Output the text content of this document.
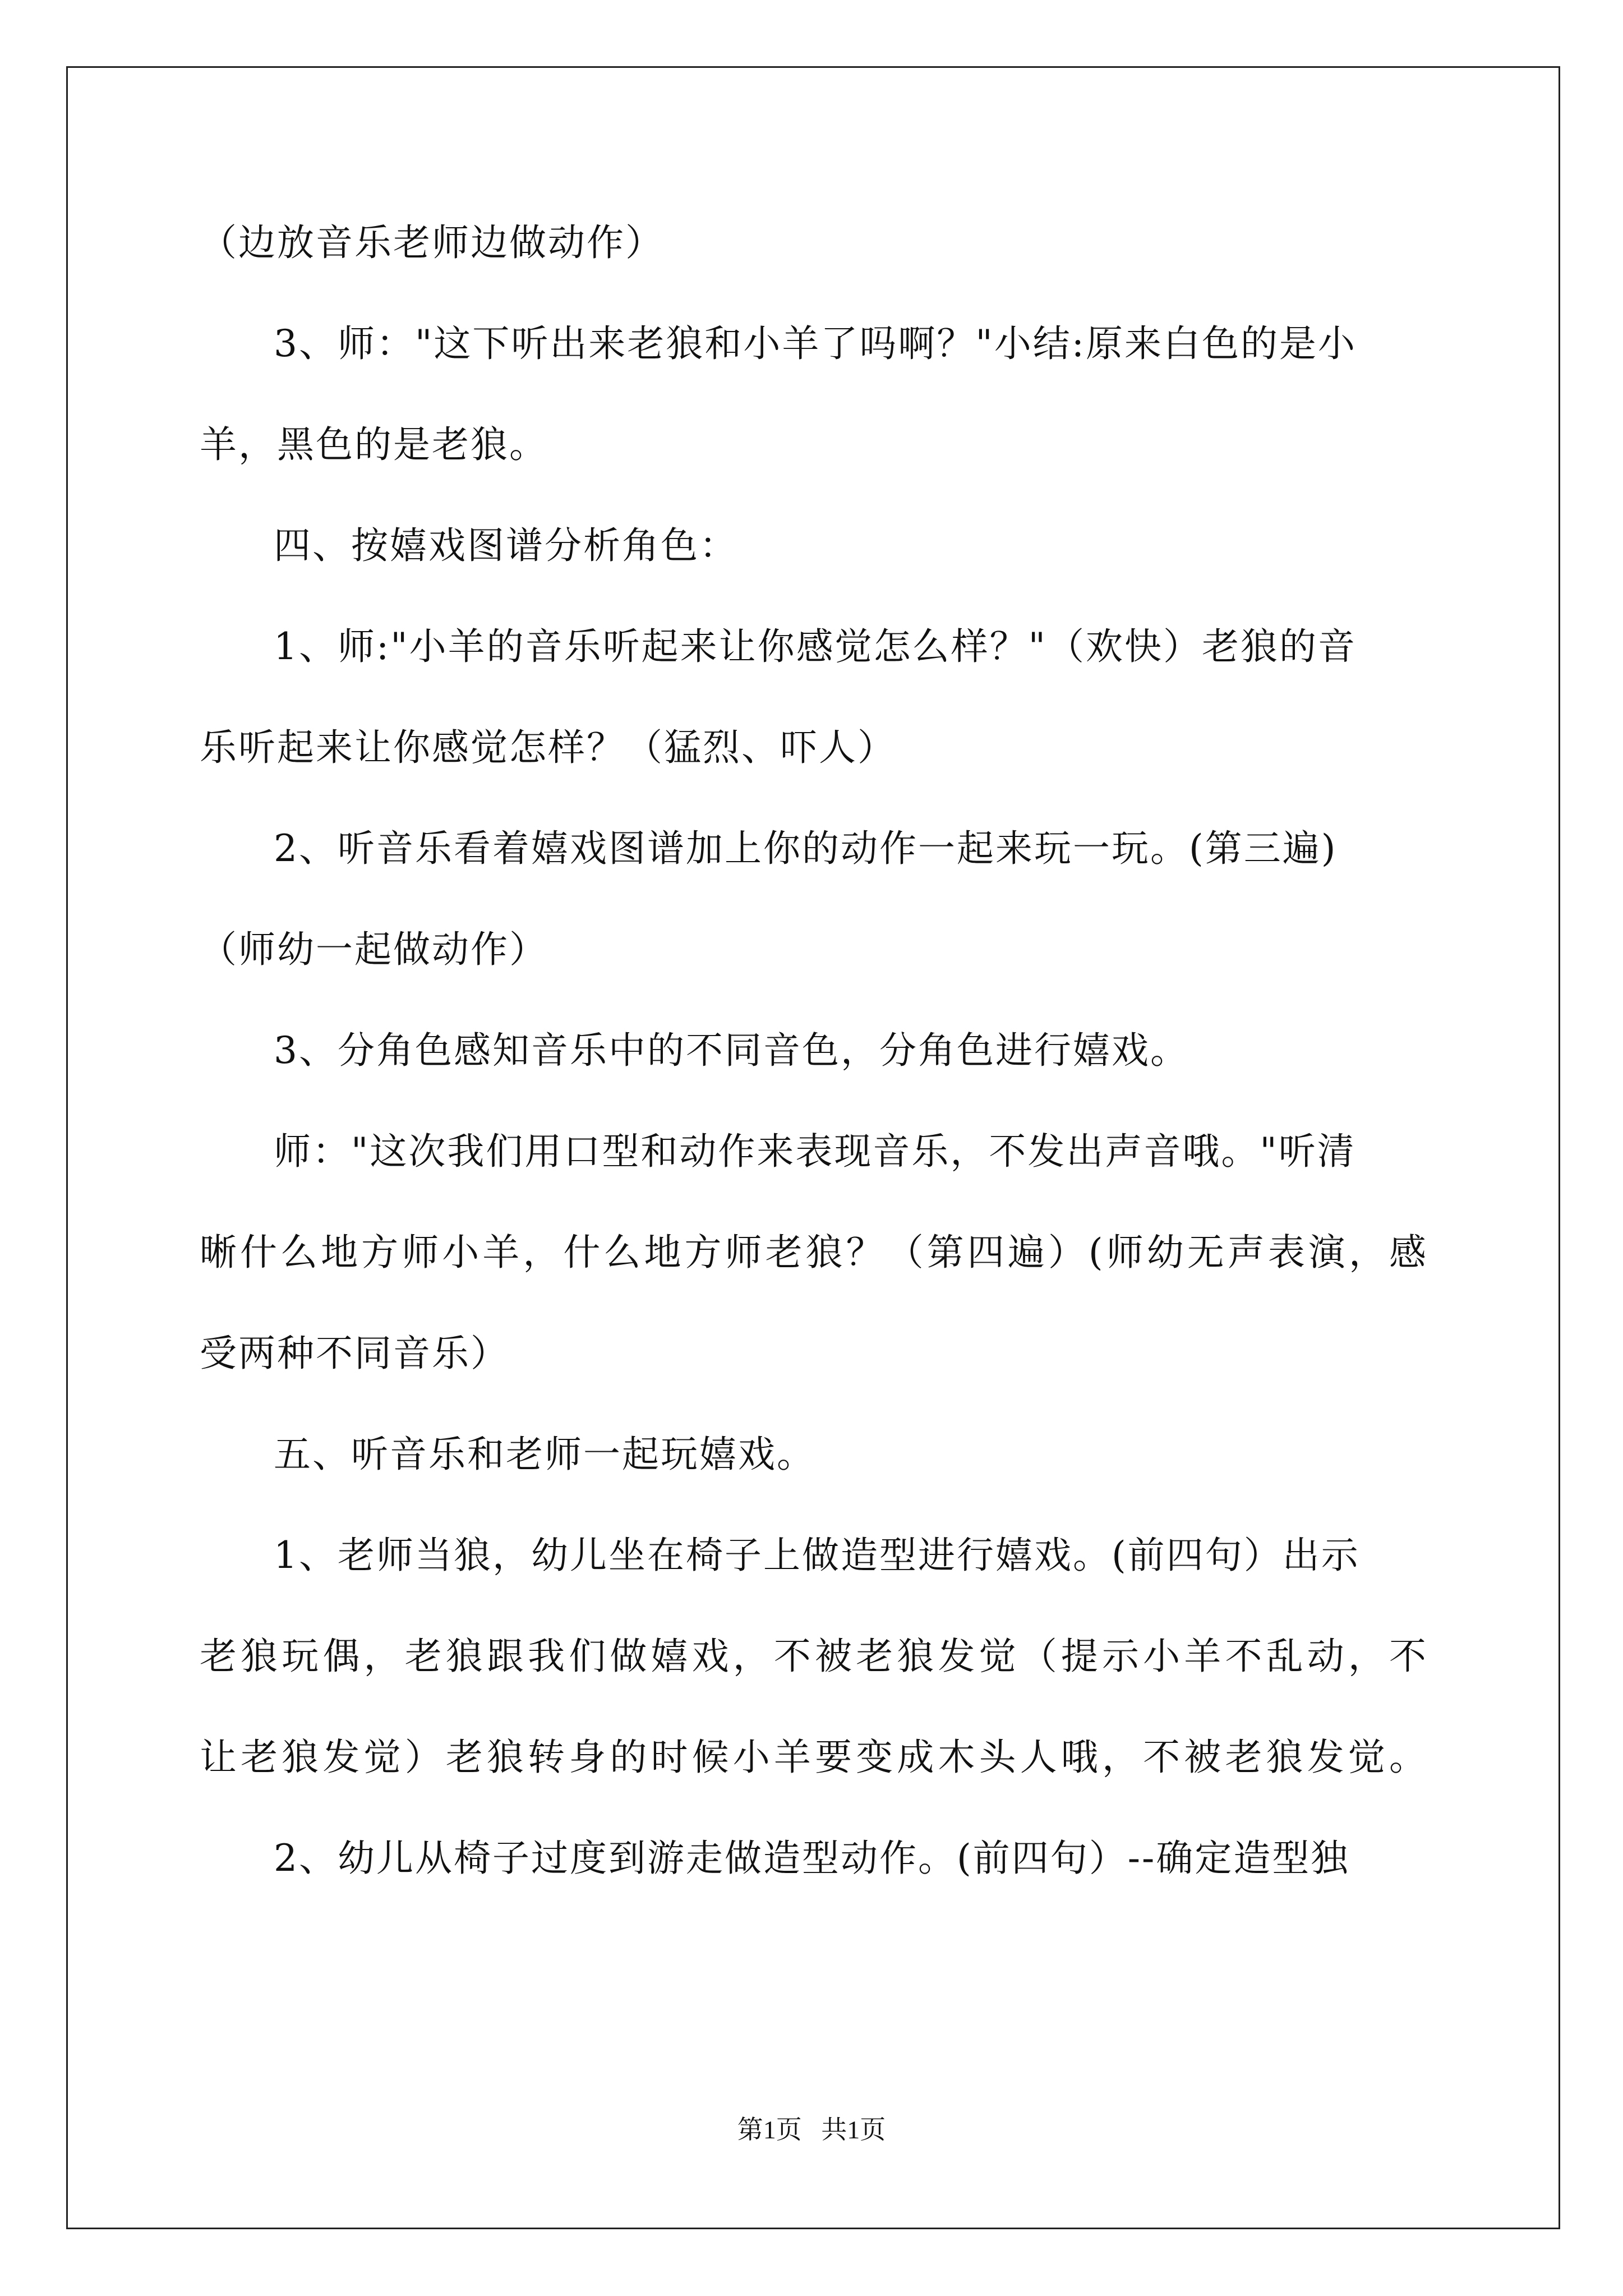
（边放音乐老师边做动作）
3、师："这下听出来老狼和小羊了吗啊？"小结:原来白色的是小
羊，黑色的是老狼。
四、按嬉戏图谱分析角色：
1、师:"小羊的音乐听起来让你感觉怎么样？"（欢快）老狼的音
乐听起来让你感觉怎样？（猛烈、吓人）
2、听音乐看着嬉戏图谱加上你的动作一起来玩一玩。(第三遍)
（师幼一起做动作）
3、分角色感知音乐中的不同音色，分角色进行嬉戏。
师："这次我们用口型和动作来表现音乐，不发出声音哦。"听清
晰什么地方师小羊，什么地方师老狼？（第四遍）(师幼无声表演，感
受两种不同音乐）
五、听音乐和老师一起玩嬉戏。
1、老师当狼，幼儿坐在椅子上做造型进行嬉戏。(前四句）出示
老狼玩偶，老狼跟我们做嬉戏，不被老狼发觉（提示小羊不乱动，不
让老狼发觉）老狼转身的时候小羊要变成木头人哦，不被老狼发觉。
2、幼儿从椅子过度到游走做造型动作。(前四句）--确定造型独
第1页   共1页
